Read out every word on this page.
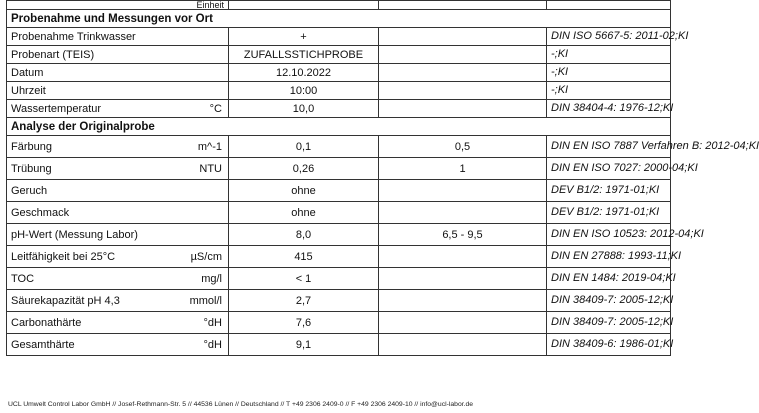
Einheit			
Probenahme und Messungen vor Ort			
Probenahme Trinkwasser	+		DIN ISO 5667-5: 2011-02;KI
Probenart (TEIS)	ZUFALLSSTICHPROBE		-;KI
Datum	12.10.2022		-;KI
Uhrzeit	10:00		-;KI
Wassertemperatur °C	10,0		DIN 38404-4: 1976-12;KI
Analyse der Originalprobe			
Färbung m^-1	0,1	0,5	DIN EN ISO 7887 Verfahren B: 2012-04;KI
Trübung NTU	0,26	1	DIN EN ISO 7027: 2000-04;KI
Geruch	ohne		DEV B1/2: 1971-01;KI
Geschmack	ohne		DEV B1/2: 1971-01;KI
pH-Wert (Messung Labor)	8,0	6,5 - 9,5	DIN EN ISO 10523: 2012-04;KI
Leitfähigkeit bei 25°C µS/cm	415		DIN EN 27888: 1993-11;KI
TOC mg/l	< 1		DIN EN 1484: 2019-04;KI
Säurekapazität pH 4,3 mmol/l	2,7		DIN 38409-7: 2005-12;KI
Carbonathärte °dH	7,6		DIN 38409-7: 2005-12;KI
Gesamthärte °dH	9,1		DIN 38409-6: 1986-01;KI
UCL Umwelt Control Labor GmbH // Josef-Rethmann-Str. 5 // 44536 Lünen // Deutschland // T +49 2306 2409-0 // F +49 2306 2409-10 // info@ucl-labor.de
